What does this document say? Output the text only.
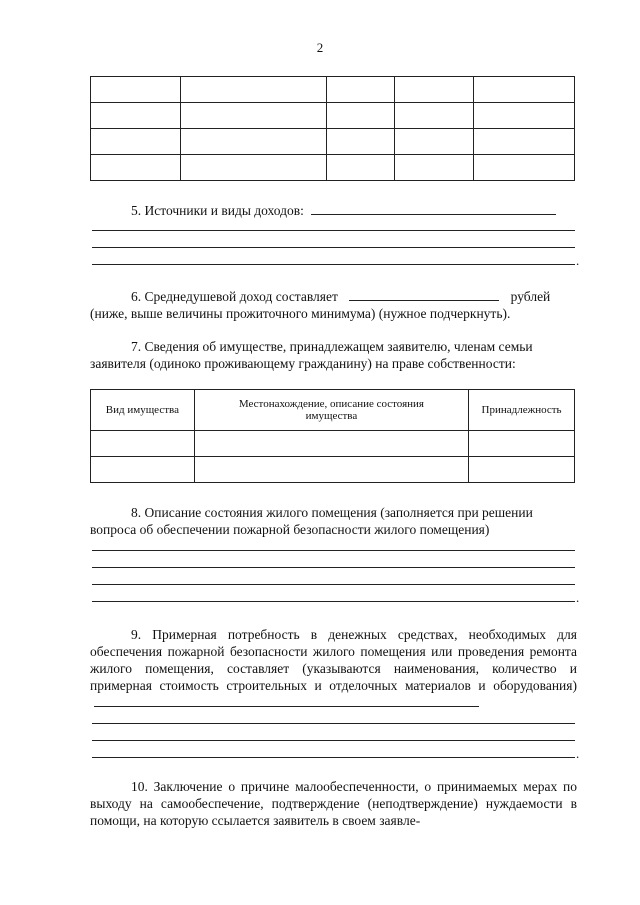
2

5. Источники и виды доходов:
.
6. Среднедушевой доход составляет	рублей
(ниже, выше величины прожиточного минимума) (нужное подчеркнуть).
7. Сведения об имуществе, принадлежащем заявителю, членам семьи
заявителя (одиноко проживающему гражданину) на праве собственности:
Вид имущества	Местонахождение, описание состояния имущества	Принадлежность

8. Описание состояния жилого помещения (заполняется при решении
вопроса об обеспечении пожарной безопасности жилого помещения)
.
9. Примерная потребность в денежных средствах, необходимых для обеспечения пожарной безопасности жилого помещения или проведения ремонта жилого помещения, составляет (указываются наименования, количество и примерная стоимость строительных и отделочных материалов и оборудования)
.
10. Заключение о причине малообеспеченности, о принимаемых мерах по выходу на самообеспечение, подтверждение (неподтверждение) нуждаемости в помощи, на которую ссылается заявитель в своем заявле-
